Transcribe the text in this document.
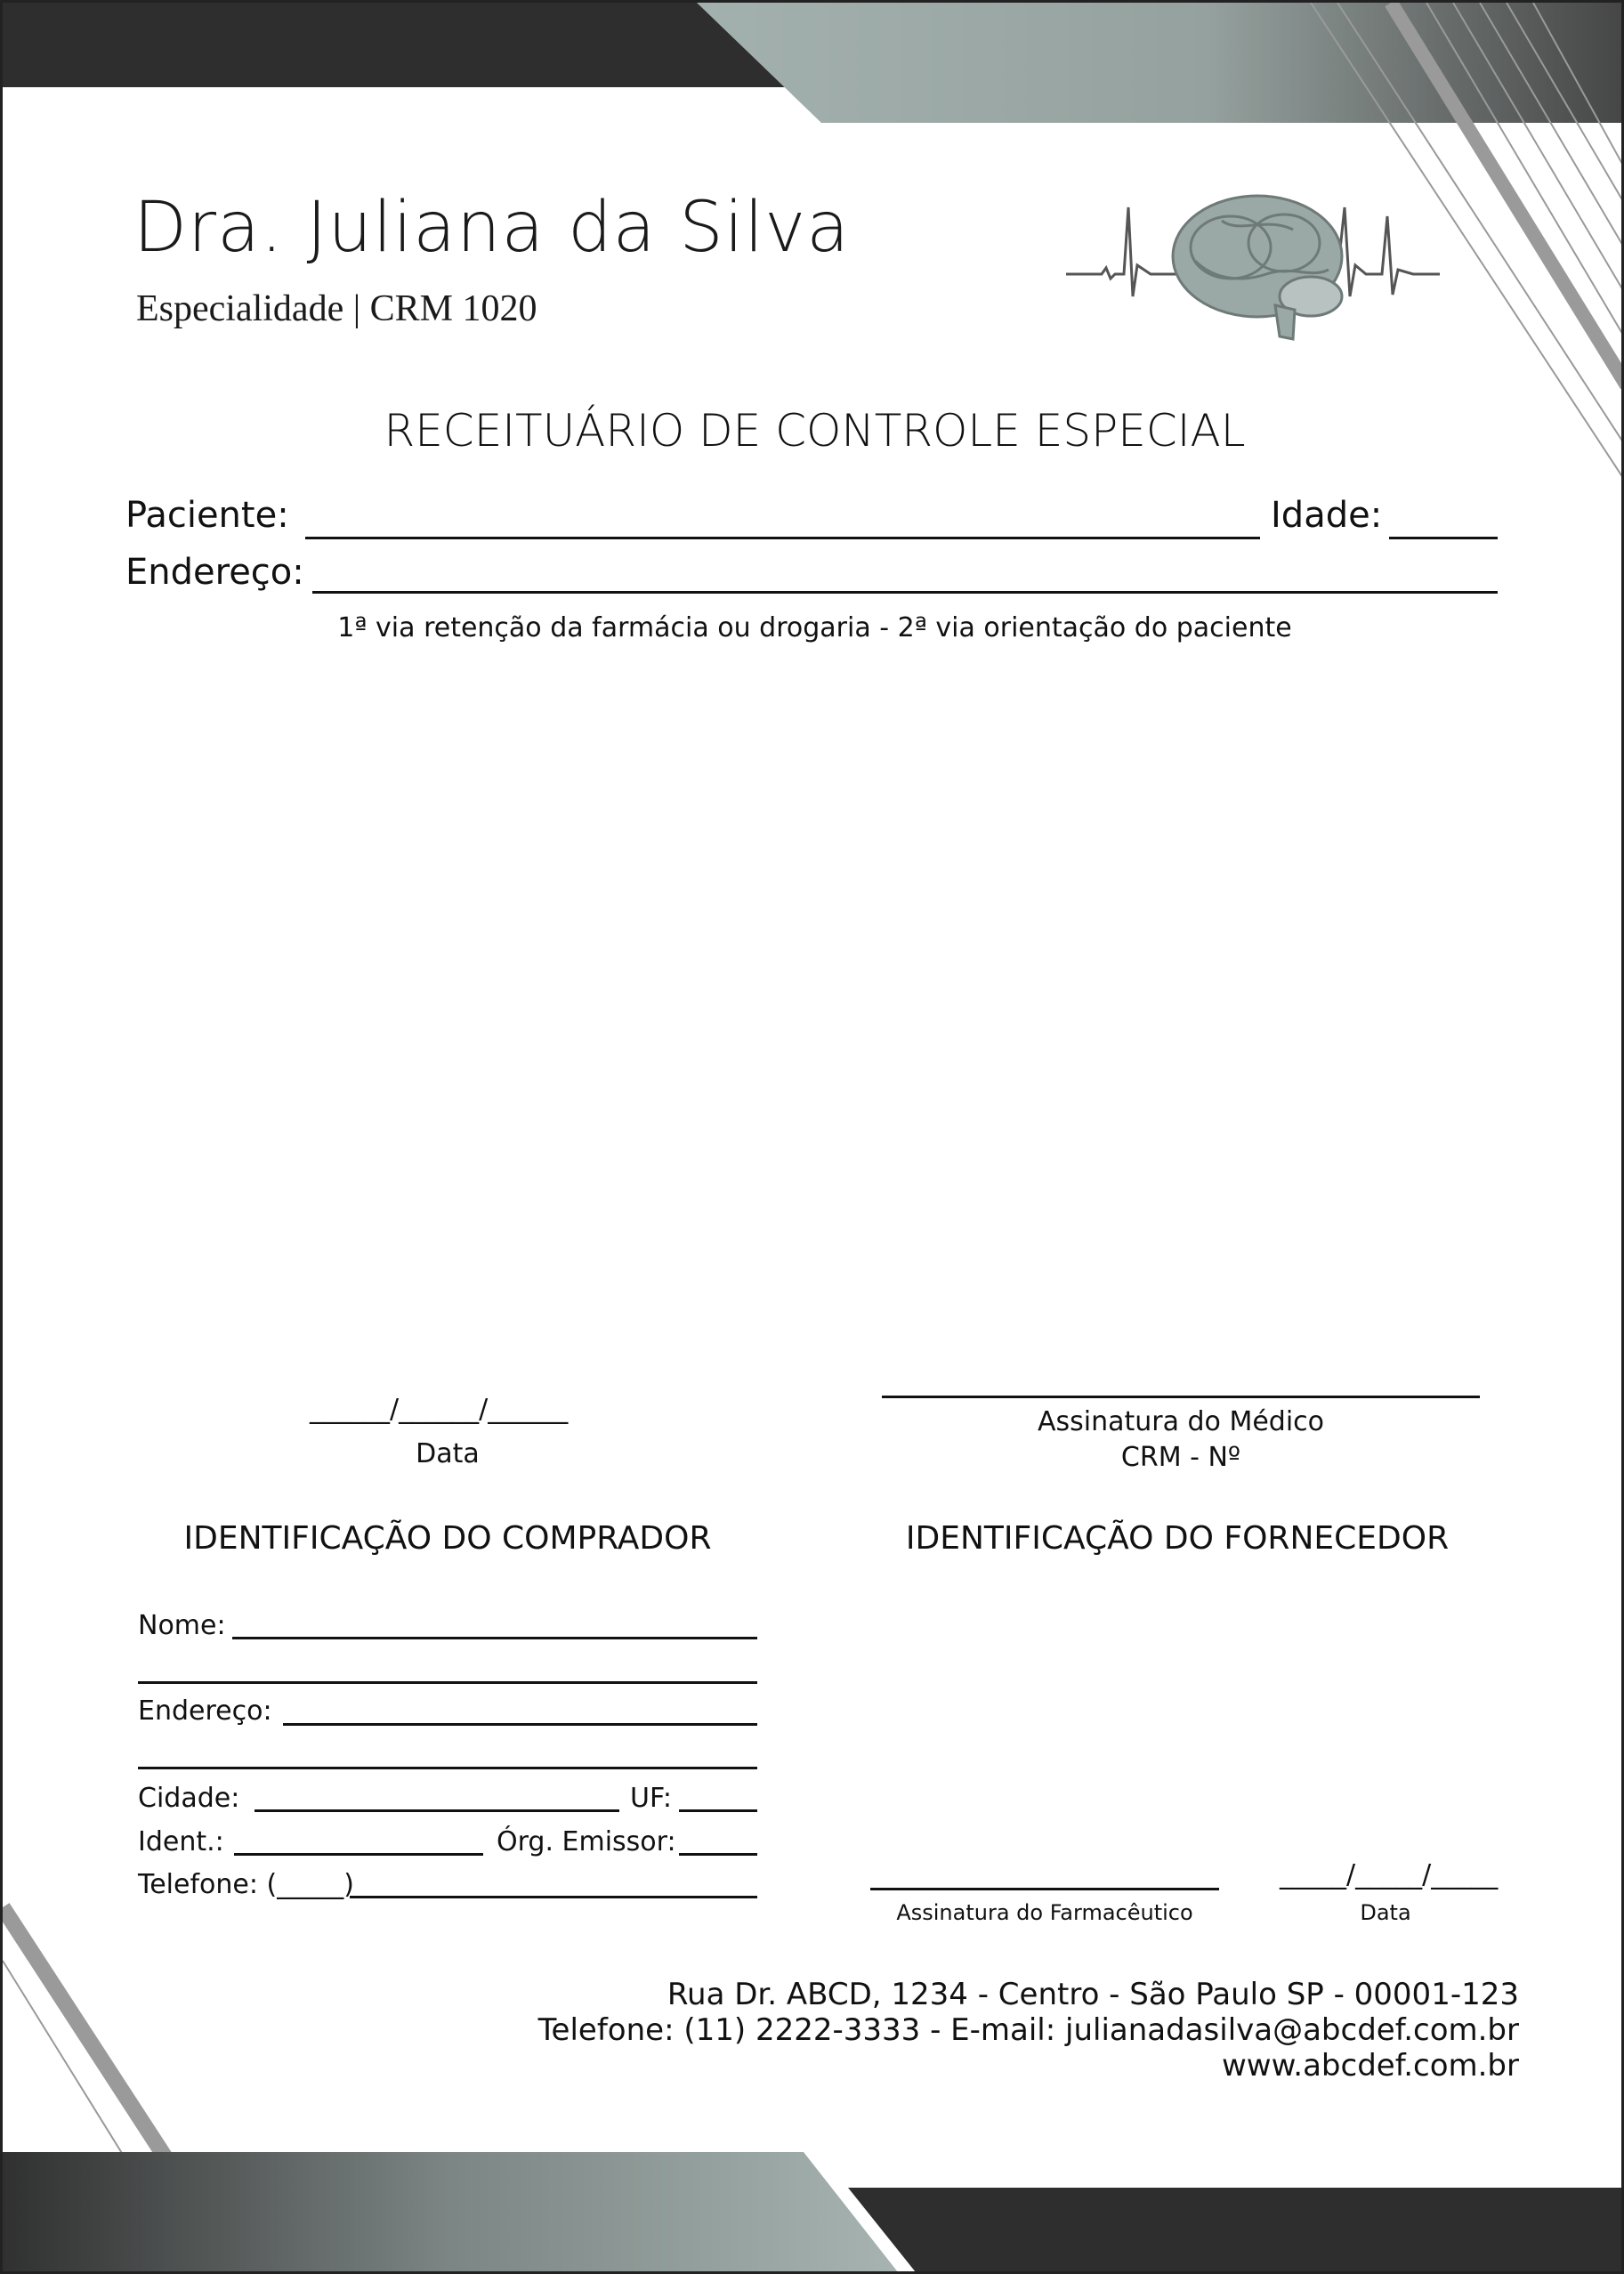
Dra. Juliana da Silva
Especialidade | CRM 1020
RECEITUÁRIO DE CONTROLE ESPECIAL
Paciente:	Idade:
Endereço:
1ª via retenção da farmácia ou drogaria - 2ª via orientação do paciente
______/______/______
Data
Assinatura do Médico
CRM - Nº
IDENTIFICAÇÃO DO COMPRADOR	IDENTIFICAÇÃO DO FORNECEDOR
Nome:
Endereço:
Cidade:	UF:
Ident.:	Órg. Emissor:
Telefone: (_____)
Assinatura do Farmacêutico
_____/_____/_____
Data
Rua Dr. ABCD, 1234 - Centro - São Paulo SP - 00001-123
Telefone: (11) 2222-3333 - E-mail: julianadasilva@abcdef.com.br
www.abcdef.com.br
